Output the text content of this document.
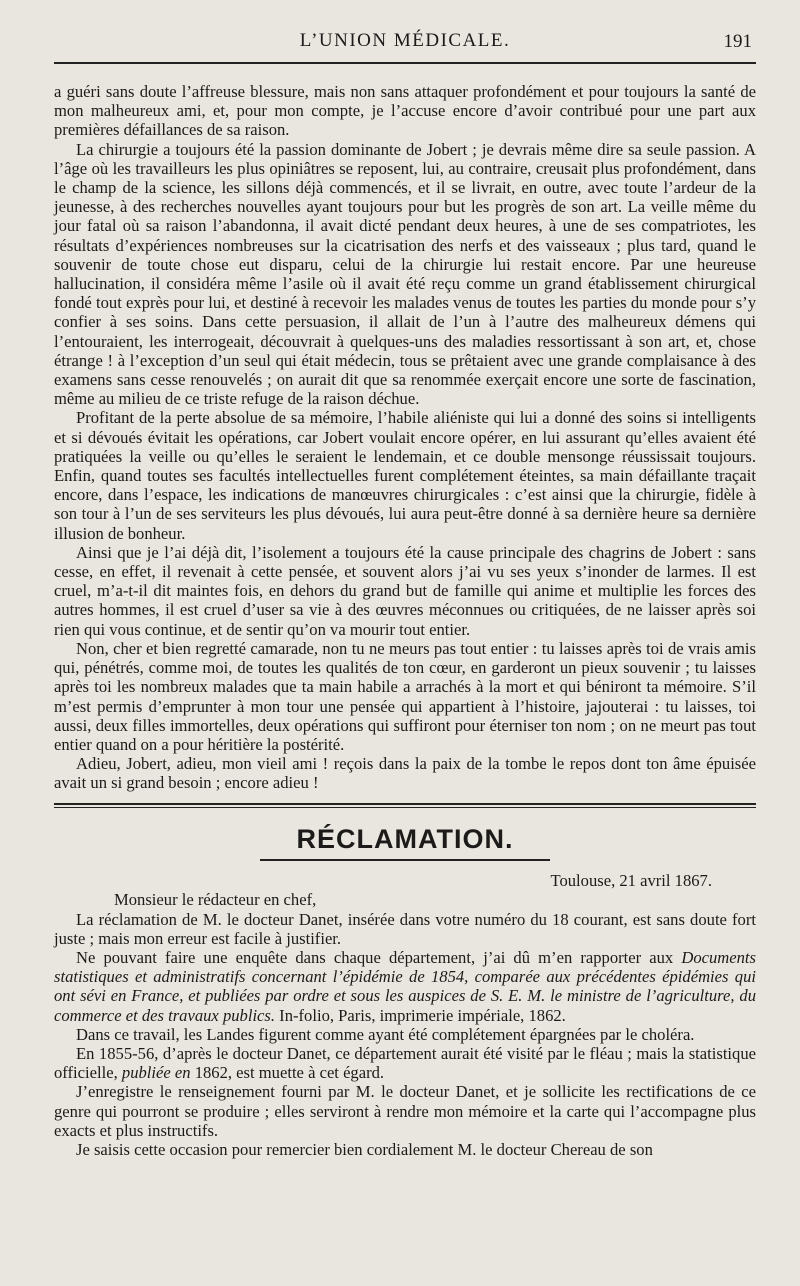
L’UNION MÉDICALE.	191

a guéri sans doute l’affreuse blessure, mais non sans attaquer profondément et pour toujours la santé de mon malheureux ami, et, pour mon compte, je l’accuse encore d’avoir contribué pour une part aux premières défaillances de sa raison.

La chirurgie a toujours été la passion dominante de Jobert ; je devrais même dire sa seule passion. A l’âge où les travailleurs les plus opiniâtres se reposent, lui, au contraire, creusait plus profondément, dans le champ de la science, les sillons déjà commencés, et il se livrait, en outre, avec toute l’ardeur de la jeunesse, à des recherches nouvelles ayant toujours pour but les progrès de son art. La veille même du jour fatal où sa raison l’abandonna, il avait dicté pendant deux heures, à une de ses compatriotes, les résultats d’expériences nombreuses sur la cicatrisation des nerfs et des vaisseaux ; plus tard, quand le souvenir de toute chose eut disparu, celui de la chirurgie lui restait encore. Par une heureuse hallucination, il considéra même l’asile où il avait été reçu comme un grand établissement chirurgical fondé tout exprès pour lui, et destiné à recevoir les malades venus de toutes les parties du monde pour s’y confier à ses soins. Dans cette persuasion, il allait de l’un à l’autre des malheureux démens qui l’entouraient, les interrogeait, découvrait à quelques-uns des maladies ressortissant à son art, et, chose étrange ! à l’exception d’un seul qui était médecin, tous se prêtaient avec une grande complaisance à des examens sans cesse renouvelés ; on aurait dit que sa renommée exerçait encore une sorte de fascination, même au milieu de ce triste refuge de la raison déchue.

Profitant de la perte absolue de sa mémoire, l’habile aliéniste qui lui a donné des soins si intelligents et si dévoués évitait les opérations, car Jobert voulait encore opérer, en lui assurant qu’elles avaient été pratiquées la veille ou qu’elles le seraient le lendemain, et ce double mensonge réussissait toujours. Enfin, quand toutes ses facultés intellectuelles furent complétement éteintes, sa main défaillante traçait encore, dans l’espace, les indications de manœuvres chirurgicales : c’est ainsi que la chirurgie, fidèle à son tour à l’un de ses serviteurs les plus dévoués, lui aura peut-être donné à sa dernière heure sa dernière illusion de bonheur.

Ainsi que je l’ai déjà dit, l’isolement a toujours été la cause principale des chagrins de Jobert : sans cesse, en effet, il revenait à cette pensée, et souvent alors j’ai vu ses yeux s’inonder de larmes. Il est cruel, m’a-t-il dit maintes fois, en dehors du grand but de famille qui anime et multiplie les forces des autres hommes, il est cruel d’user sa vie à des œuvres méconnues ou critiquées, de ne laisser après soi rien qui vous continue, et de sentir qu’on va mourir tout entier.

Non, cher et bien regretté camarade, non tu ne meurs pas tout entier : tu laisses après toi de vrais amis qui, pénétrés, comme moi, de toutes les qualités de ton cœur, en garderont un pieux souvenir ; tu laisses après toi les nombreux malades que ta main habile a arrachés à la mort et qui béniront ta mémoire. S’il m’est permis d’emprunter à mon tour une pensée qui appartient à l’histoire, jajouterai : tu laisses, toi aussi, deux filles immortelles, deux opérations qui suffiront pour éterniser ton nom ; on ne meurt pas tout entier quand on a pour héritière la postérité.

Adieu, Jobert, adieu, mon vieil ami ! reçois dans la paix de la tombe le repos dont ton âme épuisée avait un si grand besoin ; encore adieu !

RÉCLAMATION.
Toulouse, 21 avril 1867.
Monsieur le rédacteur en chef,

La réclamation de M. le docteur Danet, insérée dans votre numéro du 18 courant, est sans doute fort juste ; mais mon erreur est facile à justifier.

Ne pouvant faire une enquête dans chaque département, j’ai dû m’en rapporter aux Documents statistiques et administratifs concernant l’épidémie de 1854, comparée aux précédentes épidémies qui ont sévi en France, et publiées par ordre et sous les auspices de S. E. M. le ministre de l’agriculture, du commerce et des travaux publics. In-folio, Paris, imprimerie impériale, 1862.

Dans ce travail, les Landes figurent comme ayant été complétement épargnées par le choléra.

En 1855-56, d’après le docteur Danet, ce département aurait été visité par le fléau ; mais la statistique officielle, publiée en 1862, est muette à cet égard.

J’enregistre le renseignement fourni par M. le docteur Danet, et je sollicite les rectifications de ce genre qui pourront se produire ; elles serviront à rendre mon mémoire et la carte qui l’accompagne plus exacts et plus instructifs.

Je saisis cette occasion pour remercier bien cordialement M. le docteur Chereau de son
